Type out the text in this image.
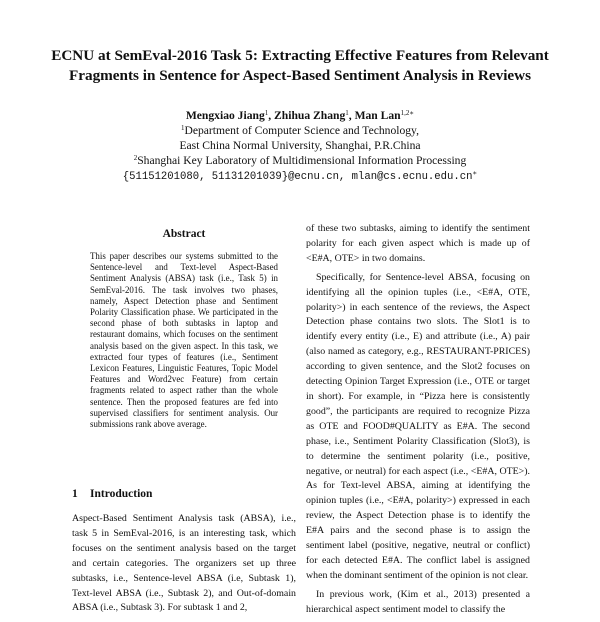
ECNU at SemEval-2016 Task 5: Extracting Effective Features from Relevant Fragments in Sentence for Aspect-Based Sentiment Analysis in Reviews
Mengxiao Jiang$^1$, Zhihua Zhang$^1$, Man Lan$^{1,2∗}$
$^1$Department of Computer Science and Technology,
East China Normal University, Shanghai, P.R.China
$^2$Shanghai Key Laboratory of Multidimensional Information Processing
{51151201080, 51131201039}@ecnu.cn, mlan@cs.ecnu.edu.cn∗
Abstract
This paper describes our systems submitted to the Sentence-level and Text-level Aspect-Based Sentiment Analysis (ABSA) task (i.e., Task 5) in SemEval-2016. The task involves two phases, namely, Aspect Detection phase and Sentiment Polarity Classification phase. We participated in the second phase of both subtasks in laptop and restaurant domains, which focuses on the sentiment analysis based on the given aspect. In this task, we extracted four types of features (i.e., Sentiment Lexicon Features, Linguistic Features, Topic Model Features and Word2vec Feature) from certain fragments related to aspect rather than the whole sentence. Then the proposed features are fed into supervised classifiers for sentiment analysis. Our submissions rank above average.
1 Introduction

Aspect-Based Sentiment Analysis task (ABSA), i.e., task 5 in SemEval-2016, is an interesting task, which focuses on the sentiment analysis based on the target and certain categories. The organizers set up three subtasks, i.e., Sentence-level ABSA (i.e, Subtask 1), Text-level ABSA (i.e., Subtask 2), and Out-of-domain ABSA (i.e., Subtask 3). For subtask 1 and 2,

of these two subtasks, aiming to identify the sentiment polarity for each given aspect which is made up of <E#A, OTE> in two domains.

Specifically, for Sentence-level ABSA, focusing on identifying all the opinion tuples (i.e., <E#A, OTE, polarity>) in each sentence of the reviews, the Aspect Detection phase contains two slots. The Slot1 is to identify every entity (i.e., E) and attribute (i.e., A) pair (also named as category, e.g., RESTAURANT-PRICES) according to given sentence, and the Slot2 focuses on detecting Opinion Target Expression (i.e., OTE or target in short). For example, in “Pizza here is consistently good”, the participants are required to recognize Pizza as OTE and FOOD#QUALITY as E#A. The second phase, i.e., Sentiment Polarity Classification (Slot3), is to determine the sentiment polarity (i.e., positive, negative, or neutral) for each aspect (i.e., <E#A, OTE>). As for Text-level ABSA, aiming at identifying the opinion tuples (i.e., <E#A, polarity>) expressed in each review, the Aspect Detection phase is to identify the E#A pairs and the second phase is to assign the sentiment label (positive, negative, neutral or conflict) for each detected E#A. The conflict label is assigned when the dominant sentiment of the opinion is not clear.

In previous work, (Kim et al., 2013) presented a hierarchical aspect sentiment model to classify the
